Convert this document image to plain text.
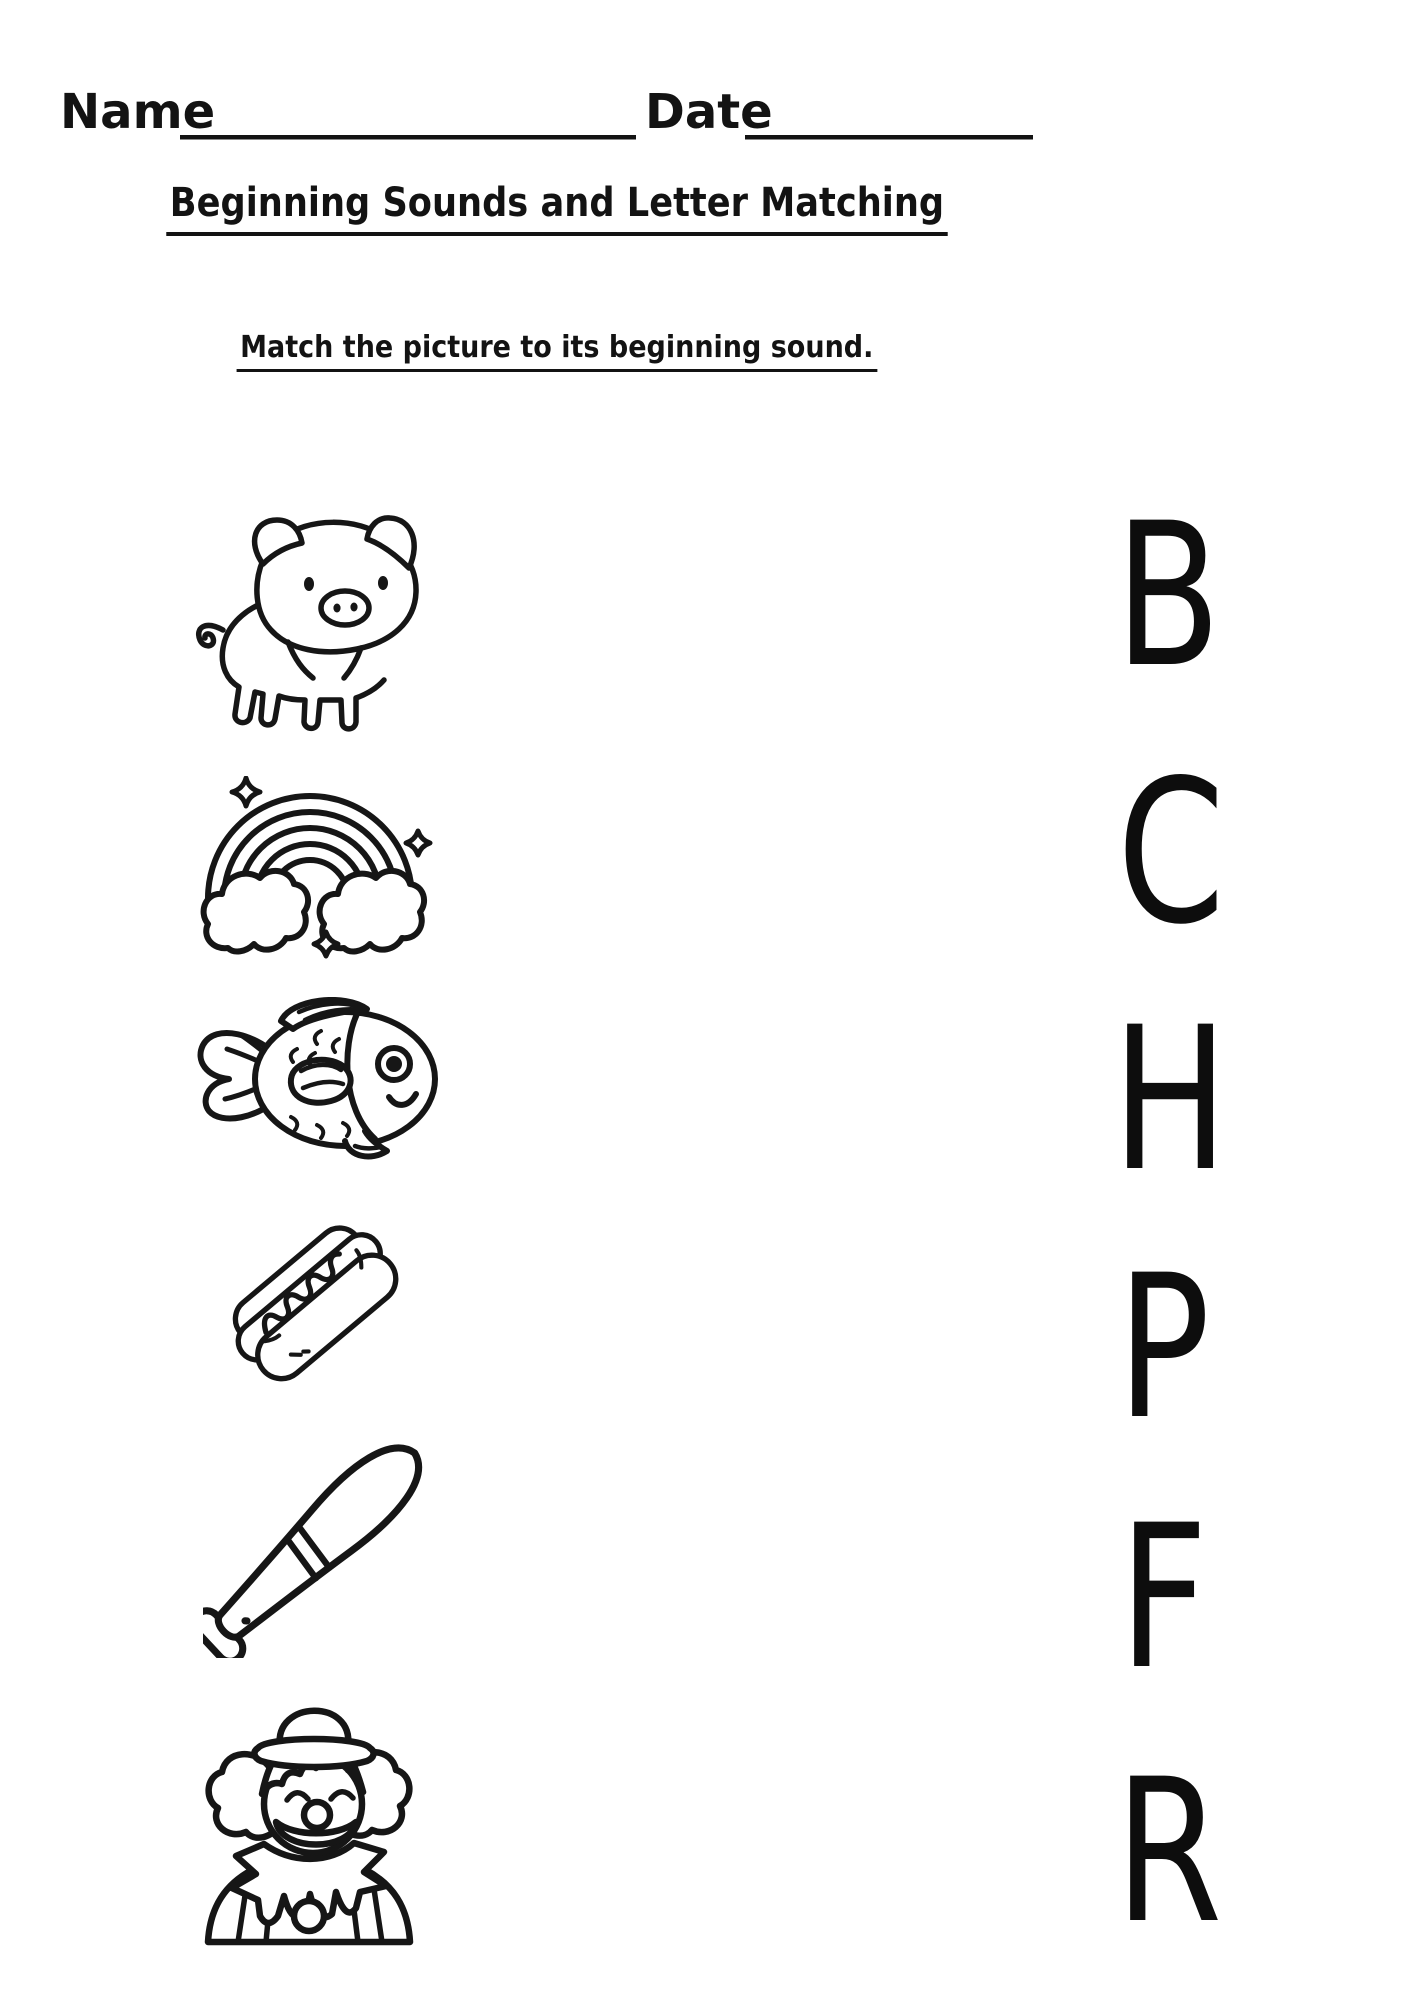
Name
___________________ Date
____________
Beginning Sounds and Letter Matching
Match the picture to its beginning sound.
B
C
H
P
F
R
